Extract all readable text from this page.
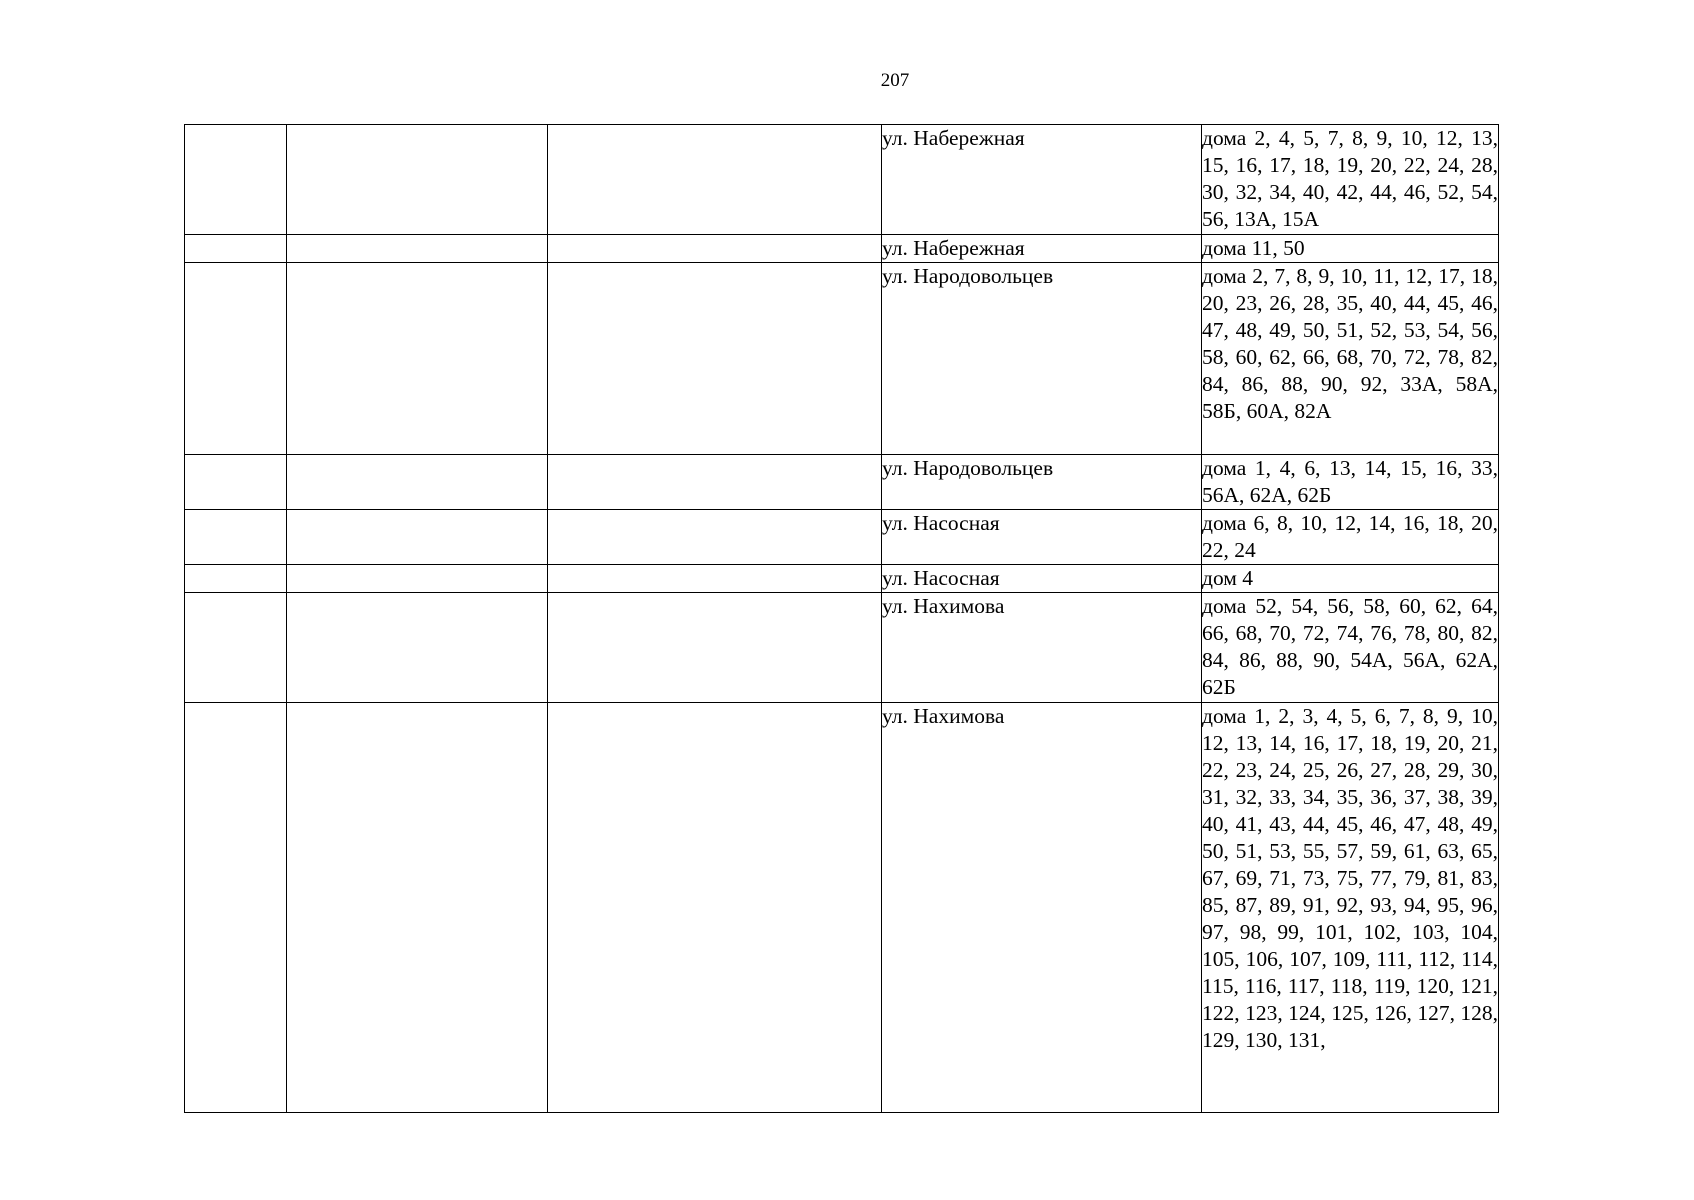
207
			ул. Набережная	дома 2, 4, 5, 7, 8, 9, 10, 12, 13, 15, 16, 17, 18, 19, 20, 22, 24, 28, 30, 32, 34, 40, 42, 44, 46, 52, 54, 56, 13А, 15А
			ул. Набережная	дома 11, 50
			ул. Народовольцев	дома 2, 7, 8, 9, 10, 11, 12, 17, 18, 20, 23, 26, 28, 35, 40, 44, 45, 46, 47, 48, 49, 50, 51, 52, 53, 54, 56, 58, 60, 62, 66, 68, 70, 72, 78, 82, 84, 86, 88, 90, 92, 33А, 58А, 58Б, 60А, 82А
			ул. Народовольцев	дома 1, 4, 6, 13, 14, 15, 16, 33, 56А, 62А, 62Б
			ул. Насосная	дома 6, 8, 10, 12, 14, 16, 18, 20, 22, 24
			ул. Насосная	дом 4
			ул. Нахимова	дома 52, 54, 56, 58, 60, 62, 64, 66, 68, 70, 72, 74, 76, 78, 80, 82, 84, 86, 88, 90, 54А, 56А, 62А, 62Б
			ул. Нахимова	дома 1, 2, 3, 4, 5, 6, 7, 8, 9, 10, 12, 13, 14, 16, 17, 18, 19, 20, 21, 22, 23, 24, 25, 26, 27, 28, 29, 30, 31, 32, 33, 34, 35, 36, 37, 38, 39, 40, 41, 43, 44, 45, 46, 47, 48, 49, 50, 51, 53, 55, 57, 59, 61, 63, 65, 67, 69, 71, 73, 75, 77, 79, 81, 83, 85, 87, 89, 91, 92, 93, 94, 95, 96, 97, 98, 99, 101, 102, 103, 104, 105, 106, 107, 109, 111, 112, 114, 115, 116, 117, 118, 119, 120, 121, 122, 123, 124, 125, 126, 127, 128, 129, 130, 131,
